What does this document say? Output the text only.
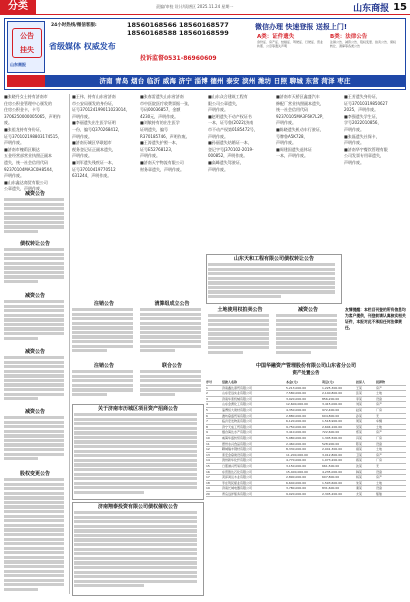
分类	责编/审校 设计/质缮区 2025.11.24 星期一	山东商报 15
公告
挂失
山东商报
24小时热线/微信客服:	18560168566 18560168577
18560168588 18560168599
省级媒体 权威发布
投诉监督0531-86960609
微信办理 快速登报 送报上门!
A类：证件遗失	B类：法律公告
身份证、房产证、结婚证、驾驶证、行驶证、营业执照、公章等遗失声明
注销公告、减资公告、股权变更、拍卖公告、债权转让、清算等各类公告
济南 青岛 烟台 临沂 威海 济宁 淄博 德州 泰安 滨州 潍坊 日照 聊城 东营 菏泽 枣庄

■张晓丹女士持有济南市

住房公积金管理中心颁发的

住房公积金卡，卡号

3706250000005065，声明作废。

■张祖龙持有身份证，

证号370102198803174515，

声明作废。

■济南市槐荫区顺达

五金经营部营业执照正副本

遗失，统一社会信用代码

92370104MA3C0H85X4，

声明作废。

■山东鑫达商贸有限公司

公章遗失，声明作废。

■王伟，持有山东省济南

市公安局颁发的身份证，

证号370124199011023014，

声明作废。

■李丽遗失出生医学证明

一份，编号Q370268412，

声明作废。

■济南历城区华联超市

税务登记证正副本遗失，

声明作废。

■刘军遗失残疾证一本，

证号37010419770512

631244，声明作废。

■张春雷遗失山东省济南

市中医院医疗收费票据一张，

号码00036857，金额

4230元，声明作废。

■刘敏持有的出生医学

证明遗失，编号

R370185746，声明作废。

■王涛遗失护照一本，

证号E52768123，

声明作废。

■济南天宇物流有限公司

财务章遗失，声明作废。

■山东众合建筑工程有

限公司公章遗失，

声明作废。

■赵明遗失不动产权证书

一本，证号鲁(2022)济南

市不动产权第0185472号，

声明作废。

■孙丽遗失结婚证一本，

登记字号J370102-2019-

000852，声明作废。

■高峰遗失驾驶证，

声明作废。

■济南市天桥区鑫盛汽车

修配厂营业执照副本遗失，

统一社会信用代码

92370105MA3F6K7L2P，

声明作废。

■陈晓遗失机动车行驶证，

号牌鲁A5K728，

声明作废。

■周建国遗失退休证

一本，声明作废。

■王芳遗失身份证，

证号37010319850627

2025，声明作废。

■李强遗失学生证，

学号2022010856，

声明作废。

■张磊遗失社保卡，

声明作废。

■济南华宇餐饮管理有限

公司发票专用章遗失，

声明作废。

减资公告
债权转让公告
减资公告
减资公告
减资公告
股权变更公告
山东天和工程有限公司债权转让公告
注销公告	清算组成立公告
土地使用权拍卖公告	减资公告
注销公告	联合公告
关于济南市历城区项目资产招商公告
济南翔泰投资有限公司债权催收公告
友情提醒：本栏目刊登的所有信息均为客户提供，刊登前请认真核实相关证件，本报对此不承担任何法律责任。
中国华融资产管理股份有限公司山东省分公司
资产处置公告
序号	借款人名称	本金(元)	利息(元)	担保人	抵押物
1	济南鑫达商贸有限公司	5,213,000.00	1,225,300.00	王某	房产
2	山东宏远实业有限公司	7,580,000.00	2,140,800.00	张某	土地
3	济南华泰机械有限公司	3,920,000.00	856,200.00	李某	设备
4	山东金源化工有限公司	12,600,000.00	3,415,000.00	刘某	房产
5	淄博恒大建材有限公司	4,350,000.00	972,400.00	赵某	厂房
6	潍坊鼎盛贸易有限公司	2,880,000.00	604,800.00	孙某	无
7	临沂宏发物流有限公司	6,120,000.00	1,518,900.00	周某	车辆
8	济宁天成工贸有限公司	9,750,000.00	2,604,100.00	吴某	土地
9	烟台海达水产有限公司	3,410,000.00	722,600.00	郑某	房产
10	威海华盛纺织有限公司	5,980,000.00	1,345,500.00	冯某	厂房
11	德州永兴食品有限公司	2,460,000.00	528,900.00	陈某	设备
12	聊城瑞丰钢材有限公司	8,330,000.00	2,041,300.00	褚某	土地
13	泰安金鼎建设有限公司	11,200,000.00	3,012,800.00	卫某	房产
14	滨州新华化纤有限公司	4,770,000.00	1,073,200.00	蒋某	厂房
15	日照港兴贸易有限公司	3,150,000.00	661,500.00	沈某	无
16	东营胜达石化有限公司	15,400,000.00	4,235,000.00	韩某	设备
17	菏泽鸿运木业有限公司	2,890,000.00	607,800.00	杨某	房产
18	枣庄利民煤业有限公司	6,640,000.00	1,593,600.00	朱某	土地
19	济南长城电器有限公司	3,780,000.00	831,600.00	秦某	设备
20	青岛远洋船务有限公司	9,020,000.00	2,345,200.00	尤某	船舶
